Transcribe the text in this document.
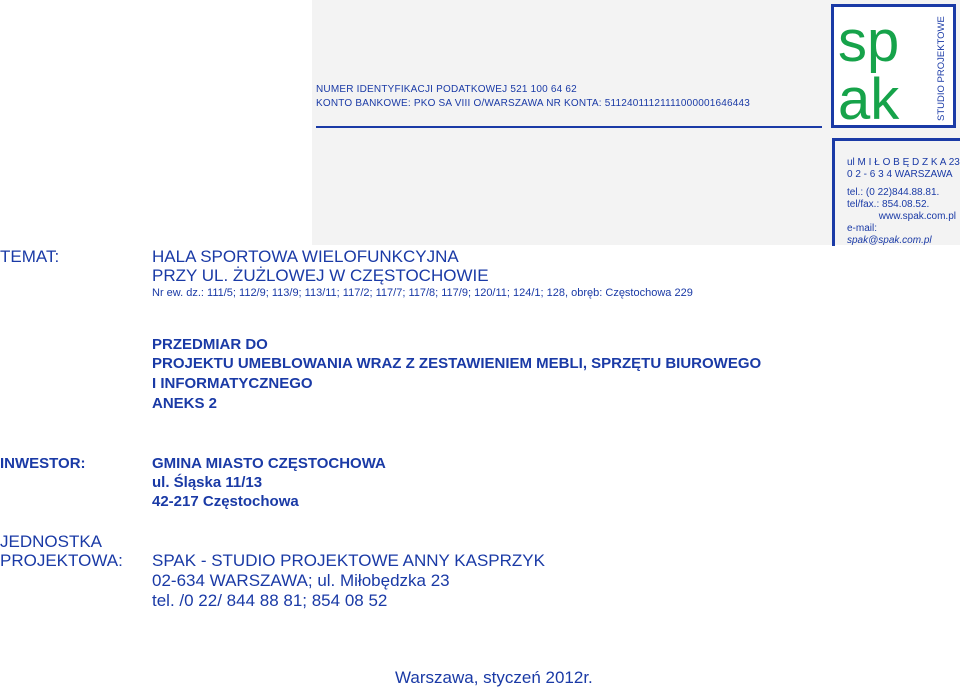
NUMER IDENTYFIKACJI PODATKOWEJ 521 100 64 62
KONTO BANKOWE: PKO SA VIII O/WARSZAWA NR KONTA: 51124011121111000001646443
sp
ak	STUDIO PROJEKTOWE
ul M I Ł O B Ę D Z K A 23
0 2 - 6 3 4 WARSZAWA
tel.: (0 22)844.88.81.
tel/fax.: 854.08.52.
www.spak.com.pl
e-mail:
spak@spak.com.pl
TEMAT:	HALA SPORTOWA WIELOFUNKCYJNA
PRZY UL. ŻUŻLOWEJ W CZĘSTOCHOWIE
Nr ew. dz.: 111/5; 112/9; 113/9; 113/11; 117/2; 117/7; 117/8; 117/9; 120/11; 124/1; 128, obręb: Częstochowa 229
PRZEDMIAR DO
PROJEKTU UMEBLOWANIA WRAZ Z ZESTAWIENIEM MEBLI, SPRZĘTU BIUROWEGO
I INFORMATYCZNEGO
ANEKS 2
INWESTOR:	GMINA MIASTO CZĘSTOCHOWA
ul. Śląska 11/13
42-217 Częstochowa
JEDNOSTKA
PROJEKTOWA: SPAK - STUDIO PROJEKTOWE ANNY KASPRZYK
02-634 WARSZAWA; ul. Miłobędzka 23
tel. /0 22/ 844 88 81; 854 08 52
Warszawa, styczeń 2012r.
